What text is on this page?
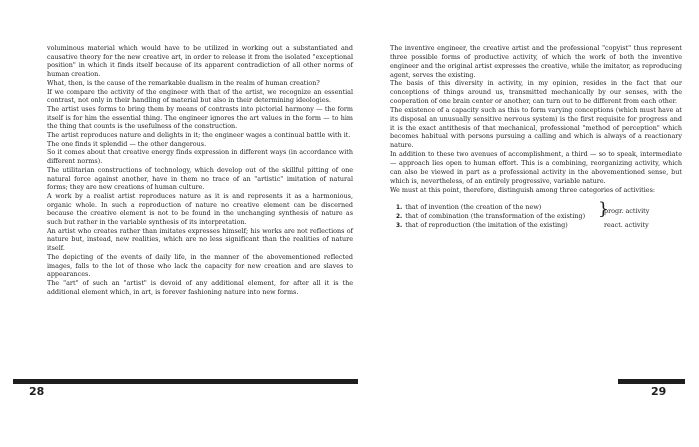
voluminous material which would have to be utilized in working out a substantiated and causative theory for the new creative art, in order to release it from the isolated "exceptional position" in which it finds itself because of its apparent contradiction of all other norms of human creation.

What, then, is the cause of the remarkable dualism in the realm of human creation?

If we compare the activity of the engineer with that of the artist, we recognize an essential contrast, not only in their handling of material but also in their determining ideologies.

The artist uses forms to bring them by means of contrasts into pictorial harmony — the form itself is for him the essential thing. The engineer ignores the art values in the form — to him the thing that counts is the usefulness of the construction.

The artist reproduces nature and delights in it; the engineer wages a continual battle with it.

The one finds it splendid — the other dangerous.

So it comes about that creative energy finds expression in different ways (in accordance with different norms).

The utilitarian constructions of technology, which develop out of the skillful pitting of one natural force against another, have in them no trace of an "artistic" imitation of natural forms; they are new creations of human culture.

A work by a realist artist reproduces nature as it is and represents it as a harmonious, organic whole. In such a reproduction of nature no creative element can be discerned because the creative element is not to be found in the unchanging synthesis of nature as such but rather in the variable synthesis of its interpretation.

An artist who creates rather than imitates expresses himself; his works are not reflections of nature but, instead, new realities, which are no less significant than the realities of nature itself.

The depicting of the events of daily life, in the manner of the abovementioned reflected images, falls to the lot of those who lack the capacity for new creation and are slaves to appearances.

The "art" of such an "artist" is devoid of any additional element, for after all it is the additional element which, in art, is forever fashioning nature into new forms.

The inventive engineer, the creative artist and the professional "copyist" thus represent three possible forms of productive activity, of which the work of both the inventive engineer and the original artist expresses the creative, while the imitator, as reproducing agent, serves the existing.

The basis of this diversity in activity, in my opinion, resides in the fact that our conceptions of things around us, transmitted mechanically by our senses, with the cooperation of one brain center or another, can turn out to be different from each other.

The existence of a capacity such as this to form varying conceptions (which must have at its disposal an unusually sensitive nervous system) is the first requisite for progress and it is the exact antithesis of that mechanical, professional "method of perception" which becomes habitual with persons pursuing a calling and which is always of a reactionary nature.

In addition to these two avenues of accomplishment, a third — so to speak, intermediate — approach lies open to human effort. This is a combining, reorganizing activity, which can also be viewed in part as a professional activity in the abovementioned sense, but which is, nevertheless, of an entirely progressive, variable nature.

We must at this point, therefore, distinguish among three categories of activities:

1. that of invention (the creation of the new)
2. that of combination (the transformation of the existing)
3. that of reproduction (the imitation of the existing)
}
progr. activity
react. activity
28	29
